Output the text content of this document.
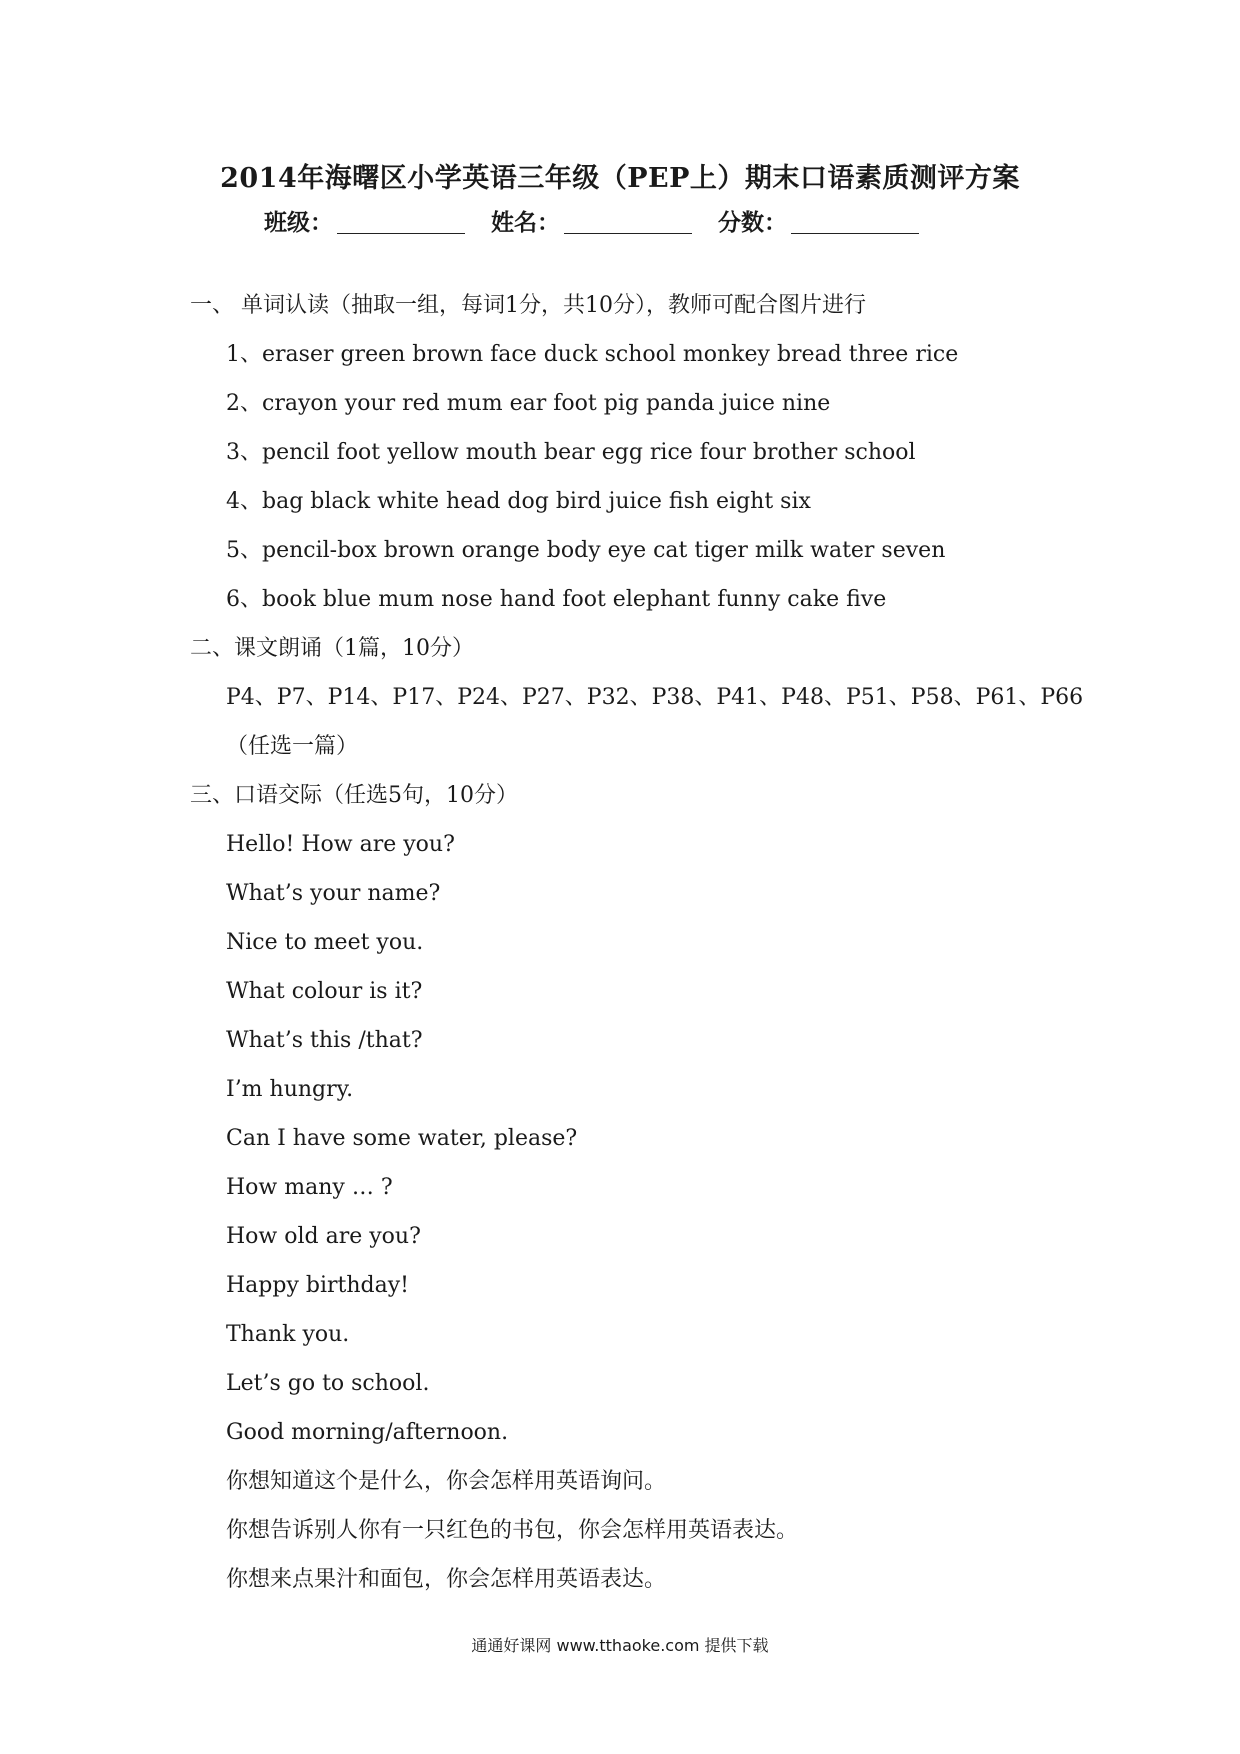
2014年海曙区小学英语三年级（PEP上）期末口语素质测评方案
班级：	姓名：	分数：
一、 单词认读（抽取一组，每词1分，共10分），教师可配合图片进行
1、eraser green brown face duck school monkey bread three rice
2、crayon your red mum ear foot pig panda juice nine
3、pencil foot yellow mouth bear egg rice four brother school
4、bag black white head dog bird juice fish eight six
5、pencil-box brown orange body eye cat tiger milk water seven
6、book blue mum nose hand foot elephant funny cake five
二、课文朗诵（1篇，10分）
P4、P7、P14、P17、P24、P27、P32、P38、P41、P48、P51、P58、P61、P66
（任选一篇）
三、口语交际（任选5句，10分）
Hello! How are you?
What’s your name?
Nice to meet you.
What colour is it?
What’s this /that?
I’m hungry.
Can I have some water, please?
How many … ?
How old are you?
Happy birthday!
Thank you.
Let’s go to school.
Good morning/afternoon.
你想知道这个是什么，你会怎样用英语询问。
你想告诉别人你有一只红色的书包，你会怎样用英语表达。
你想来点果汁和面包，你会怎样用英语表达。
通通好课网 www.tthaoke.com 提供下载
